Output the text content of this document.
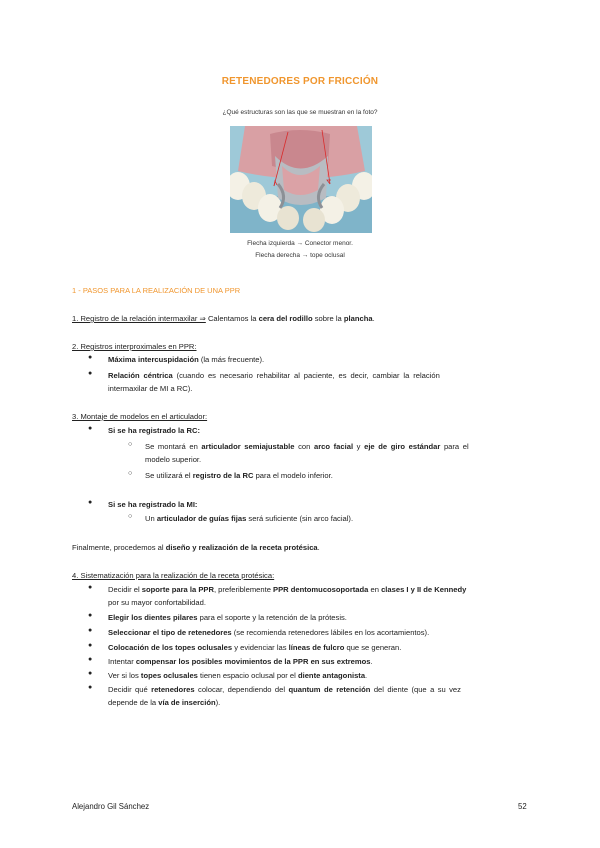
RETENEDORES POR FRICCIÓN
¿Qué estructuras son las que se muestran en la foto?
Flecha izquierda → Conector menor.
Flecha derecha → tope oclusal
1 - PASOS PARA LA REALIZACIÓN DE UNA PPR
1. Registro de la relación intermaxilar ⇒ Calentamos la cera del rodillo sobre la plancha.
2. Registros interproximales en PPR:
● Máxima intercuspidación (la más frecuente).
● Relación céntrica (cuando es necesario rehabilitar al paciente, es decir, cambiar la relación
intermaxilar de MI a RC).
3. Montaje de modelos en el articulador:
● Si se ha registrado la RC:
○ Se montará en articulador semiajustable con arco facial y eje de giro estándar para el
modelo superior.
○ Se utilizará el registro de la RC para el modelo inferior.
● Si se ha registrado la MI:
○ Un articulador de guías fijas será suficiente (sin arco facial).
Finalmente, procedemos al diseño y realización de la receta protésica.
4. Sistematización para la realización de la receta protésica:
● Decidir el soporte para la PPR, preferiblemente PPR dentomucosoportada en clases I y II de Kennedy
por su mayor confortabilidad.
● Elegir los dientes pilares para el soporte y la retención de la prótesis.
● Seleccionar el tipo de retenedores (se recomienda retenedores lábiles en los acortamientos).
● Colocación de los topes oclusales y evidenciar las líneas de fulcro que se generan.
● Intentar compensar los posibles movimientos de la PPR en sus extremos.
● Ver si los topes oclusales tienen espacio oclusal por el diente antagonista.
● Decidir qué retenedores colocar, dependiendo del quantum de retención del diente (que a su vez
depende de la vía de inserción).
Alejandro Gil Sánchez	52
